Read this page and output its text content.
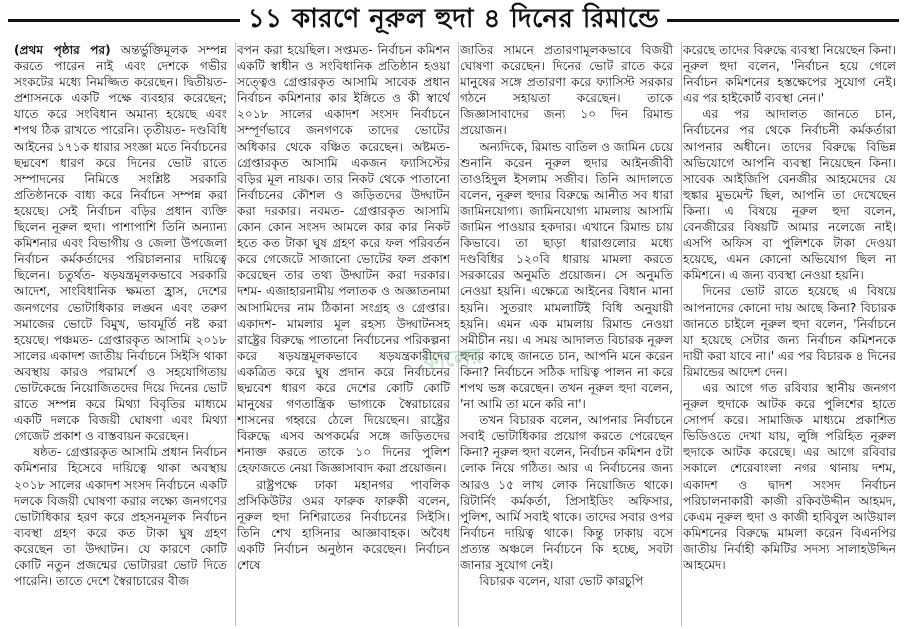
১১ কারণে নূরুল হুদা ৪ দিনের রিমান্ডে

(প্রথম পৃষ্ঠার পর) অন্তর্ভুক্তিমূলক সম্পন্ন করতে পারেন নাই এবং দেশকে গভীর সংকটের মধ্যে নিমজ্জিত করেছেন। দ্বিতীয়ত- প্রশাসনকে একটি পক্ষে ব্যবহার করেছেন; যাতে করে সংবিধান অমান্য হয়েছে এবং শপথ ঠিক রাখতে পারেনি। তৃতীয়ত- দণ্ডবিধি আইনের ১৭১ক ধারার সংজ্ঞা মতে নির্বাচনের ছদ্মবেশ ধারণ করে দিনের ভোট রাতে সম্পাদনের নিমিত্তে সংশ্লিষ্ট সরকারি প্রতিষ্ঠানকে বাধ্য করে নির্বাচন সম্পন্ন করা হয়েছে। সেই নির্বাচন বড়ির প্রধান ব্যক্তি ছিলেন নূরুল হুদা। পাশাপাশি তিনি অন্যান্য কমিশনার এবং বিভাগীয় ও জেলা উপজেলা নির্বাচন কর্মকর্তাদের পরিচালনার দায়িত্বে ছিলেন। চতুর্থত- ষড়যন্ত্রমূলকভাবে সরকারি আদেশ, সাংবিধানিক ক্ষমতা হ্রাস, দেশের জনগণের ভোটাধিকার লঙ্ঘন এবং তরুণ সমাজের ভোটে বিমুখ, ভাবমূর্তি নষ্ট করা হয়েছে। পঞ্চমত- গ্রেপ্তারকৃত আসামি ২০১৮ সালের একাদশ জাতীয় নির্বাচনে সিইসি থাকা অবস্থায় কারও পরামর্শে ও সহযোগিতায় ভোটকেন্দ্রে নিয়োজিতদের দিয়ে দিনের ভোট রাতে সম্পন্ন করে মিথ্যা বিবৃতির মাধ্যমে একটি দলকে বিজয়ী ঘোষণা এবং মিথ্যা গেজেট প্রকাশ ও বাস্তবায়ন করেছেন।

ষষ্ঠত- গ্রেপ্তারকৃত আসামি প্রধান নির্বাচন কমিশনার হিসেবে দায়িত্বে থাকা অবস্থায় ২০১৮ সালের একাদশ সংসদ নির্বাচনে একটি দলকে বিজয়ী ঘোষণা করার লক্ষ্যে জনগণের ভোটাধিকার হরণ করে প্রহসনমূলক নির্বাচন ব্যবস্থা গ্রহণ করে কত টাকা ঘুষ গ্রহণ করেছেন তা উদ্ঘাটন। যে কারণে কোটি কোটি নতুন প্রজন্মের ভোটাররা ভোট দিতে পারেনি। তাতে দেশে স্বৈরাচারের বীজ

বপন করা হয়েছিল। সপ্তমত- নির্বাচন কমিশন একটি স্বাধীন ও সংবিধানিক প্রতিষ্ঠান হওয়া সত্ত্বেও গ্রেপ্তারকৃত আসামি সাবেক প্রধান নির্বাচন কমিশনার কার ইঙ্গিতে ও কী স্বার্থে ২০১৮ সালের একাদশ সংসদ নির্বাচনে সম্পূর্ণভাবে জনগণকে তাদের ভোটের অধিকার থেকে বঞ্চিত করেছেন। অষ্টমত- গ্রেপ্তারকৃত আসামি একজন ফ্যাসিস্টের বড়ির মূল নায়ক। তার নিকট থেকে পাতানো নির্বাচনের কৌশল ও জড়িতদের উদ্ঘাটন করা দরকার। নবমত- গ্রেপ্তারকৃত আসামি কোন কোন সংসদ আমলে কার কার নিকট হতে কত টাকা ঘুষ গ্রহণ করে ফল পরিবর্তন করে গেজেটে সাজানো ভোটের ফল প্রকাশ করেছেন তার তথ্য উদ্ঘাটন করা দরকার। দশম- এজাহারনামীয় পলাতক ও অজ্ঞাতনামা আসামিদের নাম ঠিকানা সংগ্রহ ও গ্রেপ্তার। একাদশ- মামলার মূল রহস্য উদ্ঘাটনসহ রাষ্ট্রের বিরুদ্ধে পাতানো নির্বাচনের পরিকল্পনা করে ষড়যন্ত্রমূলকভাবে ষড়যন্ত্রকারীদের একত্রিত করে ঘুষ প্রদান করে নির্বাচনের ছদ্মবেশ ধারণ করে দেশের কোটি কোটি মানুষের গণতান্ত্রিক ভাগ্যকে স্বৈরাচারের শাসনের গহ্বরে ঠেলে দিয়েছেন। রাষ্ট্রের বিরুদ্ধে এসব অপকর্মের সঙ্গে জড়িতদের শনাক্ত করতে তাকে ১০ দিনের পুলিশ হেফাজতে নেয়া জিজ্ঞাসাবাদ করা প্রয়োজন।

রাষ্ট্রপক্ষে ঢাকা মহানগর পাবলিক প্রসিকিউটর ওমর ফারুক ফারুকী বলেন, নূরুল হুদা নিশিরাতের নির্বাচনের সিইসি। তিনি শেখ হাসিনার আজ্ঞাবাহক। অবৈধ একটি নির্বাচন অনুষ্ঠান করেছেন। নির্বাচন শেষে

জাতির সামনে প্রতারণামূলকভাবে বিজয়ী ঘোষণা করেছেন। দিনের ভোট রাতে করে মানুষের সঙ্গে প্রতারণা করে ফ্যাসিস্ট সরকার গঠনে সহায়তা করেছেন। তাকে জিজ্ঞাসাবাদের জন্য ১০ দিন রিমান্ড প্রয়োজন।

অন্যদিকে, রিমান্ড বাতিল ও জামিন চেয়ে শুনানি করেন নূরুল হুদার আইনজীবী তাওহিদুল ইসলাম সজীব। তিনি আদালতে বলেন, নূরুল হুদার বিরুদ্ধে আনীত সব ধারা জামিনযোগ্য। জামিনযোগ্য মামলায় আসামি জামিন পাওয়ার হকদার। এখানে রিমান্ড চায় কিভাবে। তা ছাড়া ধারাগুলোর মধ্যে দণ্ডবিধির ১২০বি ধারায় মামলা করতে সরকারের অনুমতি প্রয়োজন। সে অনুমতি নেওয়া হয়নি। এক্ষেত্রে আইনের বিধান মানা হয়নি। সুতরাং মামলাটিই বিধি অনুযায়ী হয়নি। এমন এক মামলায় রিমান্ড নেওয়া সমীচীন নয়। এ সময় আদালত বিচারক নূরুল হুদার কাছে জানতে চান, আপনি মনে করেন কিনা? নির্বাচনে সঠিক দায়িত্ব পালন না করে শপথ ভঙ্গ করেছেন। তখন নূরুল হুদা বলেন, 'না আমি তা মনে করি না'।

তখন বিচারক বলেন, আপনার নির্বাচনে সবাই ভোটাধিকার প্রয়োগ করতে পেরেছেন কিনা? নূরুল হুদা বলেন, নির্বাচন কমিশন ৫টা লোক নিয়ে গঠিত। আর এ নির্বাচনের জন্য আরও ১৫ লাখ লোক নিয়োজিত থাকে। রিটার্নিং কর্মকর্তা, প্রিসাইডিং অফিসার, পুলিশ, আর্মি সবাই থাকে। তাদের সবার ওপর নির্বাচন দায়িত্ব থাকে। কিন্তু ঢাকায় বসে প্রত্যন্ত অঞ্চলে নির্বাচনে কি হচ্ছে, সবটা জানার সুযোগ নেই।

বিচারক বলেন, যারা ভোট কারচুপি

করেছে তাদের বিরুদ্ধে ব্যবস্থা নিয়েছেন কিনা। নূরুল হুদা বলেন, 'নির্বাচন হয়ে গেলে নির্বাচন কমিশনের হস্তক্ষেপের সুযোগ নেই। এর পর হাইকোর্ট ব্যবস্থা নেন।'

এর পর আদালত জানতে চান, নির্বাচনের পর থেকে নির্বাচনী কর্মকর্তারা আপনার অধীনে। তাদের বিরুদ্ধে বিভিন্ন অভিযোগে আপনি ব্যবস্থা নিয়েছেন কিনা। সাবেক আইজিপি বেনজীর আহমেদের যে হুঙ্কার মুভমেন্ট ছিল, আপনি তা দেখেছেন কিনা। এ বিষয়ে নূরুল হুদা বলেন, বেনজীরের বিষয়টি আমার নলেজে নাই। এসপি অফিস বা পুলিশকে টাকা দেওয়া হয়েছে, এমন কোনো অভিযোগ ছিল না কমিশনে। এ জন্য ব্যবস্থা নেওয়া হয়নি।

দিনের ভোট রাতে হয়েছে এ বিষয়ে আপনাদের কোনো দায় আছে কিনা? বিচারক জানতে চাইলে নূরুল হুদা বলেন, 'নির্বাচনে যা হয়েছে সেটার জন্য নির্বাচন কমিশনকে দায়ী করা যাবে না।' এর পর বিচারক ৪ দিনের রিমান্ডের আদেশ দেন।

এর আগে গত রবিবার স্থানীয় জনগণ নূরুল হুদাকে আটক করে পুলিশের হাতে সোপর্দ করে। সামাজিক মাধ্যমে প্রকাশিত ভিডিওতে দেখা যায়, লুঙ্গি পরিহিত নূরুল হুদাকে আটক করেছে। এর আগে রবিবার সকালে শেরেবাংলা নগর থানায় দশম, একাদশ ও দ্বাদশ সংসদ নির্বাচন পরিচালনাকারী কাজী রকিবউদ্দীন আহমদ, কেএম নূরুল হুদা ও কাজী হাবিবুল আউয়াল কমিশনের বিরুদ্ধে মামলা করেন বিএনপির জাতীয় নির্বাহী কমিটির সদস্য সালাহউদ্দিন আহমেদ।

কালের
